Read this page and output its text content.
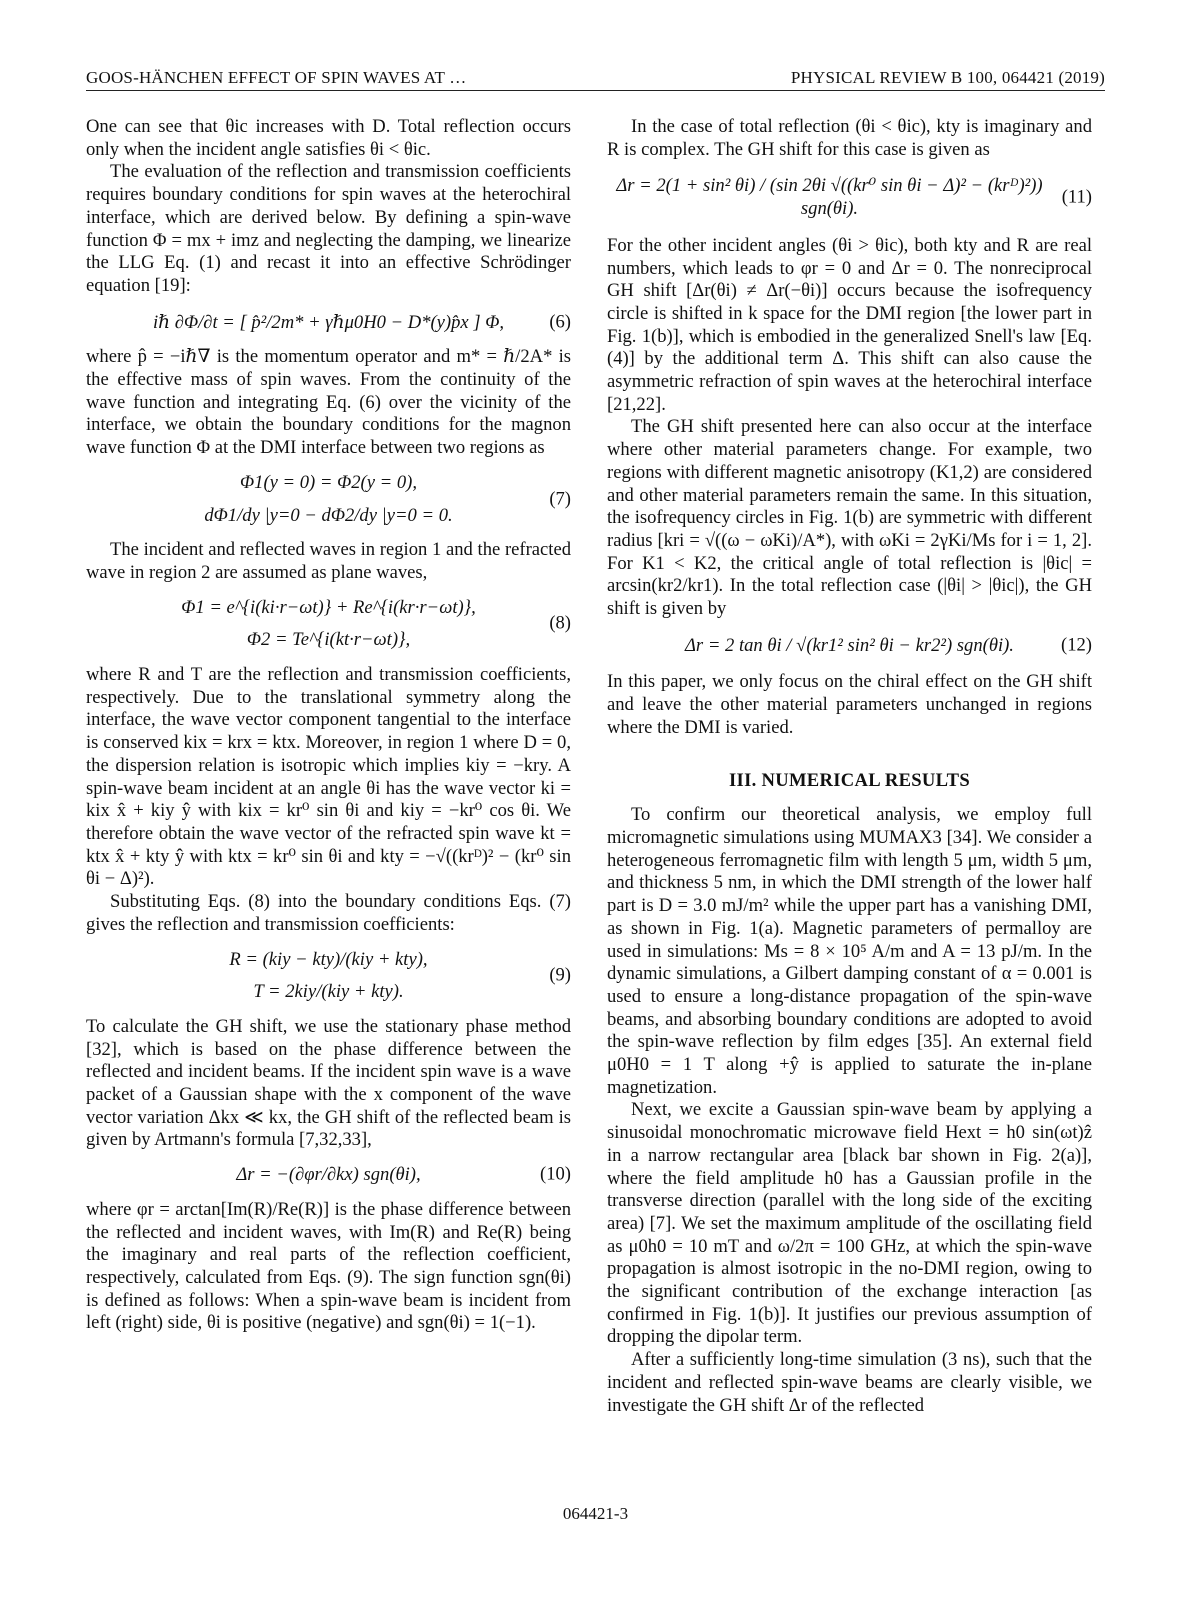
GOOS-HÄNCHEN EFFECT OF SPIN WAVES AT …	PHYSICAL REVIEW B 100, 064421 (2019)

One can see that θic increases with D. Total reflection occurs only when the incident angle satisfies θi < θic.

The evaluation of the reflection and transmission coefficients requires boundary conditions for spin waves at the heterochiral interface, which are derived below. By defining a spin-wave function Φ = mx + imz and neglecting the damping, we linearize the LLG Eq. (1) and recast it into an effective Schrödinger equation [19]:

iℏ ∂Φ/∂t = [ p̂²/2m* + γℏμ0H0 − D*(y)p̂x ] Φ, (6)

where p̂ = −iℏ∇ is the momentum operator and m* = ℏ/2A* is the effective mass of spin waves. From the continuity of the wave function and integrating Eq. (6) over the vicinity of the interface, we obtain the boundary conditions for the magnon wave function Φ at the DMI interface between two regions as

Φ1(y = 0) = Φ2(y = 0),
dΦ1/dy |y=0 − dΦ2/dy |y=0 = 0.
(7)

The incident and reflected waves in region 1 and the refracted wave in region 2 are assumed as plane waves,

Φ1 = e^{i(ki·r−ωt)} + Re^{i(kr·r−ωt)},
Φ2 = Te^{i(kt·r−ωt)},
(8)

where R and T are the reflection and transmission coefficients, respectively. Due to the translational symmetry along the interface, the wave vector component tangential to the interface is conserved kix = krx = ktx. Moreover, in region 1 where D = 0, the dispersion relation is isotropic which implies kiy = −kry. A spin-wave beam incident at an angle θi has the wave vector ki = kix x̂ + kiy ŷ with kix = kr⁰ sin θi and kiy = −kr⁰ cos θi. We therefore obtain the wave vector of the refracted spin wave kt = ktx x̂ + kty ŷ with ktx = kr⁰ sin θi and kty = −√((krᴰ)² − (kr⁰ sin θi − Δ)²).

Substituting Eqs. (8) into the boundary conditions Eqs. (7) gives the reflection and transmission coefficients:

R = (kiy − kty)/(kiy + kty),
T = 2kiy/(kiy + kty).
(9)

To calculate the GH shift, we use the stationary phase method [32], which is based on the phase difference between the reflected and incident beams. If the incident spin wave is a wave packet of a Gaussian shape with the x component of the wave vector variation Δkx ≪ kx, the GH shift of the reflected beam is given by Artmann's formula [7,32,33],

Δr = −(∂φr/∂kx) sgn(θi),	(10)

where φr = arctan[Im(R)/Re(R)] is the phase difference between the reflected and incident waves, with Im(R) and Re(R) being the imaginary and real parts of the reflection coefficient, respectively, calculated from Eqs. (9). The sign function sgn(θi) is defined as follows: When a spin-wave beam is incident from left (right) side, θi is positive (negative) and sgn(θi) = 1(−1).

In the case of total reflection (θi < θic), kty is imaginary and R is complex. The GH shift for this case is given as

Δr = 2(1 + sin² θi) / (sin 2θi √((kr⁰ sin θi − Δ)² − (krᴰ)²)) sgn(θi).
(11)

For the other incident angles (θi > θic), both kty and R are real numbers, which leads to φr = 0 and Δr = 0. The nonreciprocal GH shift [Δr(θi) ≠ Δr(−θi)] occurs because the isofrequency circle is shifted in k space for the DMI region [the lower part in Fig. 1(b)], which is embodied in the generalized Snell's law [Eq. (4)] by the additional term Δ. This shift can also cause the asymmetric refraction of spin waves at the heterochiral interface [21,22].

The GH shift presented here can also occur at the interface where other material parameters change. For example, two regions with different magnetic anisotropy (K1,2) are considered and other material parameters remain the same. In this situation, the isofrequency circles in Fig. 1(b) are symmetric with different radius [kri = √((ω − ωKi)/A*), with ωKi = 2γKi/Ms for i = 1, 2]. For K1 < K2, the critical angle of total reflection is |θic| = arcsin(kr2/kr1). In the total reflection case (|θi| > |θic|), the GH shift is given by

Δr = 2 tan θi / √(kr1² sin² θi − kr2²) sgn(θi).	(12)

In this paper, we only focus on the chiral effect on the GH shift and leave the other material parameters unchanged in regions where the DMI is varied.

III. NUMERICAL RESULTS

To confirm our theoretical analysis, we employ full micromagnetic simulations using MUMAX3 [34]. We consider a heterogeneous ferromagnetic film with length 5 μm, width 5 μm, and thickness 5 nm, in which the DMI strength of the lower half part is D = 3.0 mJ/m² while the upper part has a vanishing DMI, as shown in Fig. 1(a). Magnetic parameters of permalloy are used in simulations: Ms = 8 × 10⁵ A/m and A = 13 pJ/m. In the dynamic simulations, a Gilbert damping constant of α = 0.001 is used to ensure a long-distance propagation of the spin-wave beams, and absorbing boundary conditions are adopted to avoid the spin-wave reflection by film edges [35]. An external field μ0H0 = 1 T along +ŷ is applied to saturate the in-plane magnetization.

Next, we excite a Gaussian spin-wave beam by applying a sinusoidal monochromatic microwave field Hext = h0 sin(ωt)ẑ in a narrow rectangular area [black bar shown in Fig. 2(a)], where the field amplitude h0 has a Gaussian profile in the transverse direction (parallel with the long side of the exciting area) [7]. We set the maximum amplitude of the oscillating field as μ0h0 = 10 mT and ω/2π = 100 GHz, at which the spin-wave propagation is almost isotropic in the no-DMI region, owing to the significant contribution of the exchange interaction [as confirmed in Fig. 1(b)]. It justifies our previous assumption of dropping the dipolar term.

After a sufficiently long-time simulation (3 ns), such that the incident and reflected spin-wave beams are clearly visible, we investigate the GH shift Δr of the reflected

064421-3
